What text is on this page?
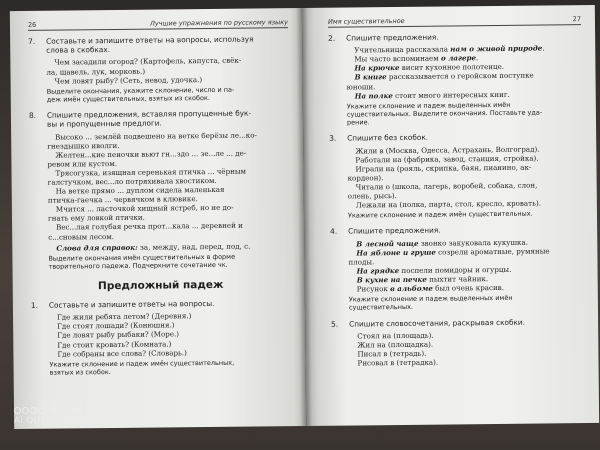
26	Лучшие упражнения по русскому языку
7.	Составьте и запишите ответы на вопросы, используя
слова в скобках.
Чем засадили огород? (Картофель, капуста, свёк-
ла, щавель, лук, морковь.)
Чем ловят рыбу? (Сеть, невод, удочка.)
Выделите окончания, укажите склонение, число и па-
деж имён существительных, взятых из скобок.
8.	Спишите предложения, вставляя пропущенные бук-
вы и пропущенные предлоги.
Высоко ... землёй подвешено на ветке берёзы ле...ко-
гнездышко иволги.
Желтен...кие пеночки вьют гн...здо ... зе...ле ... де-
ревом или кустом.
Трясогузка, изящная серенькая птичка ... чёрным
галстучком, вес...ло потряхивала хвостиком.
На ветке прямо ... дуплом сидела маленькая
птичка-гаечка ... червячком в клювике.
Мчится ... ласточкой хищный ястреб, но не до-
гнать ему ловкой птички.
Вес...лая голубая речка прот...кала ... деревней и
с...сновым лесом.
Слова для справок: за, между, над, перед, под, с.
Выделите окончания имён существительных в форме
творительного падежа. Подчеркните сочетание чк.
Предложный падеж
1.	Составьте и запишите ответы на вопросы.
Где жили ребята летом? (Деревня.)
Где стоят лошади? (Конюшня.)
Где ловят рыбу рыбаки? (Море.)
Где стоит кровать? (Комната.)
Где собраны все слова? (Словарь.)
Укажите склонение и падеж имён существительных,
взятых из скобок.
Имя существительное	27
2.	Спишите предложения.
Учительница рассказала нам о живой природе.
Мы часто вспоминаем о лагере.
На крючке висит кухонное полотенце.
В книге рассказывается о геройском поступке
юноши.
На полке стоит много интересных книг.
Укажите склонение и падеж выделенных имён
существительных. Выделите окончания. Поставьте уда-
рение.
3.	Спишите без скобок.
Жили в (Москва, Одесса, Астрахань, Волгоград).
Работали на (фабрика, завод, станция, стройка).
Играли на (рояль, скрипка, баян, пианино, ак-
кордеон).
Читали о (школа, лагерь, воробей, собака, слон,
олень, рысь).
Лежали на (полка, парта, стол, кресло, кровать).
Укажите склонение и падеж имён существительных.
4.	Спишите предложения.
В лесной чаще звонко закуковала кукушка.
На яблоне и груше созрели ароматные, румяные
плоды.
На грядке поспели помидоры и огурцы.
В кухне на печке пыхтит чайник.
Рисунок в альбоме был очень красив.
Укажите склонение и падеж выделенных имён
существительных.
5.	Спишите словосочетания, раскрывая скобки.
Стоял на (площадь).
Жил на (площадка).
Писал в (тетрадь).
Рисовал в (тетрадка).
REDMI NOTE 8T
AI QUAD CAMERA
